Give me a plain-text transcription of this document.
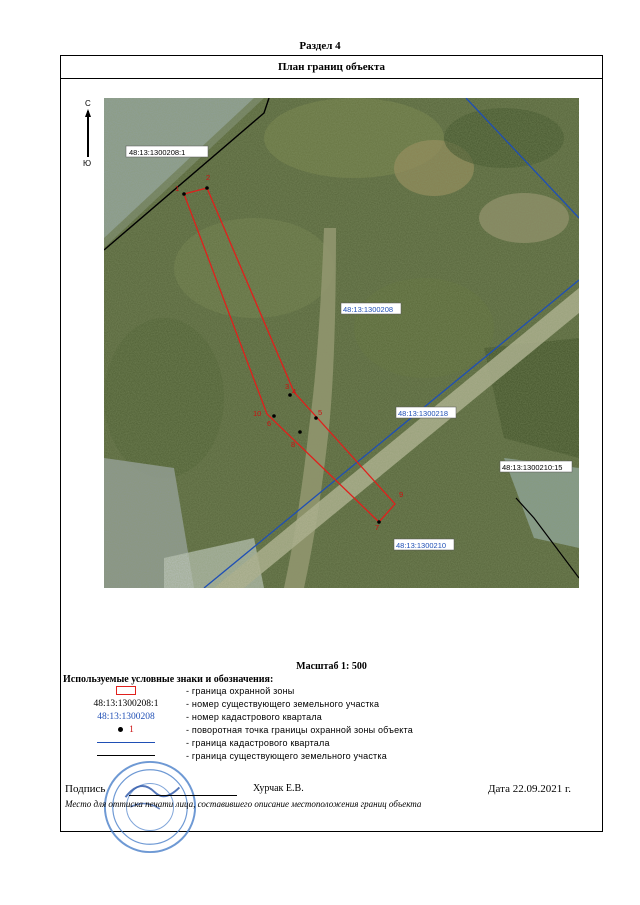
Раздел 4
План границ объекта
С
Ю
1
2
3
4
5
6
7
8
9
10
48:13:1300208:1
48:13:1300210:15
48:13:1300208
48:13:1300218
48:13:1300210
Масштаб 1: 500
Используемые условные знаки и обозначения:
- граница охранной зоны
48:13:1300208:1	- номер существующего земельного участка
48:13:1300208	- номер кадастрового квартала
1	- поворотная точка границы охранной зоны объекта
- граница кадастрового квартала
- граница существующего земельного участка
Подпись	Хурчак Е.В.	Дата 22.09.2021 г.
Место для оттиска печати лица, составившего описание местоположения границ объекта
